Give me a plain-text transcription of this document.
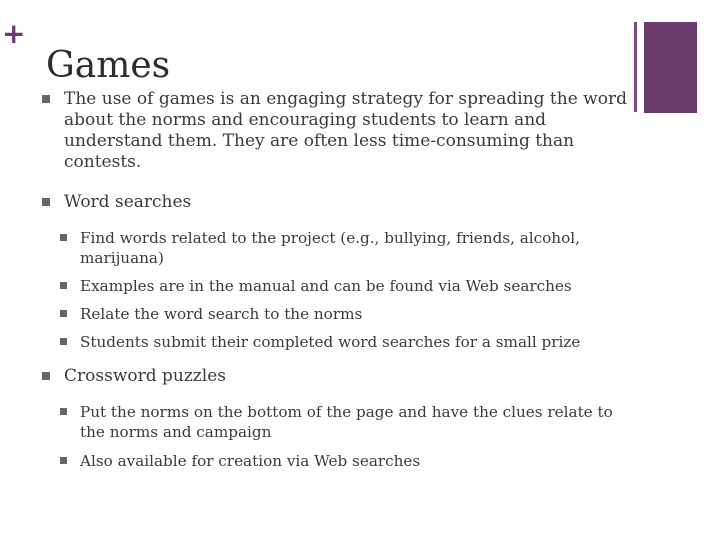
+
Games
The use of games is an engaging strategy for spreading the word about the norms and encouraging students to learn and understand them. They are often less time-consuming than contests.
Word searches
Find words related to the project (e.g., bullying, friends, alcohol, marijuana)
Examples are in the manual and can be found via Web searches
Relate the word search to the norms
Students submit their completed word searches for a small prize
Crossword puzzles
Put the norms on the bottom of the page and have the clues relate to the norms and campaign
Also available for creation via Web searches
